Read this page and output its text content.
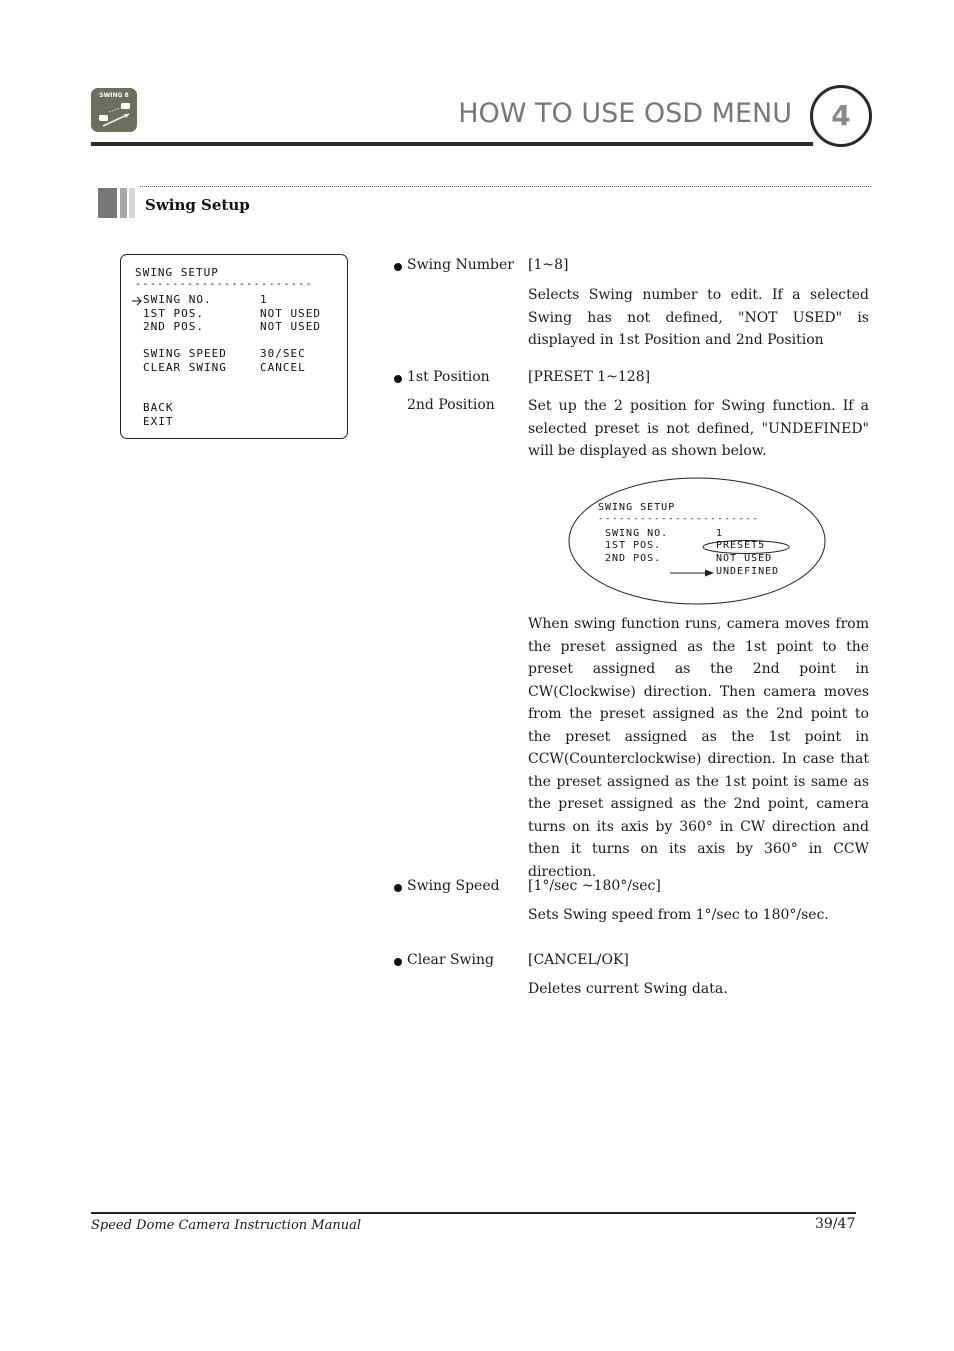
SWING 8
HOW TO USE OSD MENU	4
Swing Setup
SWING SETUP
------------------------
SWING NO.	1
1ST POS.	NOT USED
2ND POS.	NOT USED
SWING SPEED	30/SEC
CLEAR SWING	CANCEL
BACK
EXIT
Swing Number [1~8]
Selects Swing number to edit. If a selected Swing has not defined, "NOT USED" is displayed in 1st Position and 2nd Position
1st Position
2nd Position
[PRESET 1~128]
Set up the 2 position for Swing function. If a selected preset is not defined, "UNDEFINED" will be displayed as shown below.
SWING SETUP
-----------------------
SWING NO.	1
1ST POS.	PRESET5
2ND POS.	NOT USED
UNDEFINED
When swing function runs, camera moves from the preset assigned as the 1st point to the preset assigned as the 2nd point in CW(Clockwise) direction. Then camera moves from the preset assigned as the 2nd point to the preset assigned as the 1st point in CCW(Counterclockwise) direction. In case that the preset assigned as the 1st point is same as the preset assigned as the 2nd point, camera turns on its axis by 360° in CW direction and then it turns on its axis by 360° in CCW direction.
Swing Speed [1°/sec ~180°/sec]
Sets Swing speed from 1°/sec to 180°/sec.
Clear Swing [CANCEL/OK]
Deletes current Swing data.
Speed Dome Camera Instruction Manual	39/47
